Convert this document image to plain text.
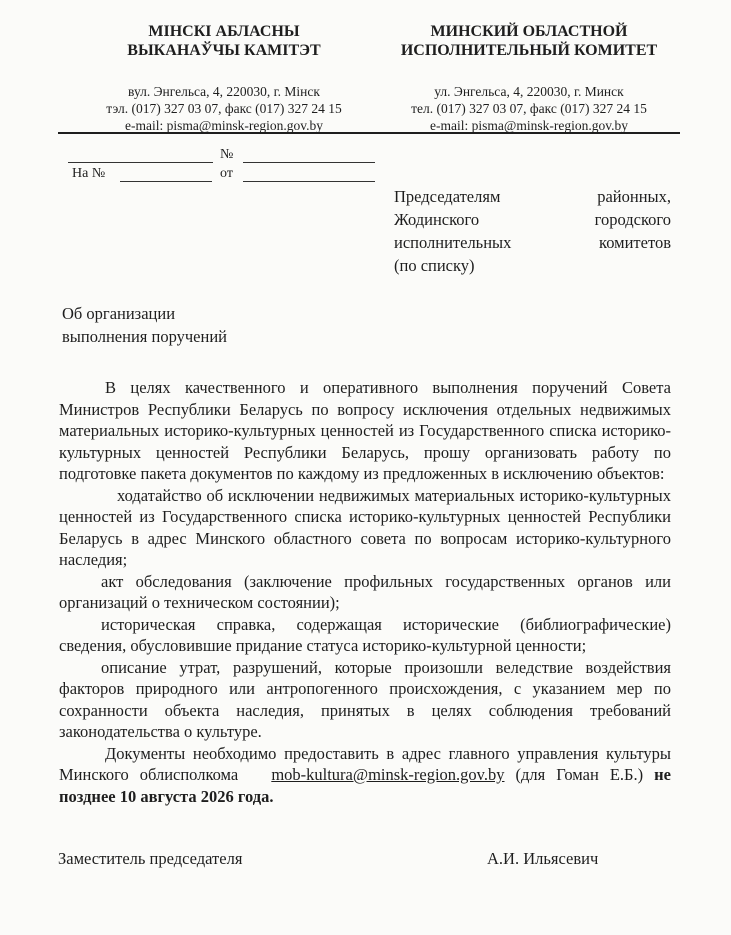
МІНСКІ АБЛАСНЫ
ВЫКАНАЎЧЫ КАМІТЭТ
вул. Энгельса, 4, 220030, г. Мінск
тэл. (017) 327 03 07, факс (017) 327 24 15
e-mail: pisma@minsk-region.gov.by
МИНСКИЙ ОБЛАСТНОЙ
ИСПОЛНИТЕЛЬНЫЙ КОМИТЕТ
ул. Энгельса, 4, 220030, г. Минск
тел. (017) 327 03 07, факс (017) 327 24 15
e-mail: pisma@minsk-region.gov.by
№
На №	от
Председателям	районных,
Жодинского	городского
исполнительных	комитетов
(по списку)
Об организации
выполнения поручений

В целях качественного и оперативного выполнения поручений Совета Министров Республики Беларусь по вопросу исключения отдельных недвижимых материальных историко-культурных ценностей из Государственного списка историко-культурных ценностей Республики Беларусь, прошу организовать работу по подготовке пакета документов по каждому из предложенных в исключению объектов:

ходатайство об исключении недвижимых материальных историко-культурных ценностей из Государственного списка историко-культурных ценностей Республики Беларусь в адрес Минского областного совета по вопросам историко-культурного наследия;

акт обследования (заключение профильных государственных органов или организаций о техническом состоянии);

историческая справка, содержащая исторические (библиографические) сведения, обусловившие придание статуса историко-культурной ценности;

описание утрат, разрушений, которые произошли веледствие воздействия факторов природного или антропогенного происхождения, с указанием мер по сохранности объекта наследия, принятых в целях соблюдения требований законодательства о культуре.

Документы необходимо предоставить в адрес главного управления культуры Минского облисполкома mob-kultura@minsk-region.gov.by (для Гоман Е.Б.) не позднее 10 августа 2026 года.

Заместитель председателя	А.И. Ильясевич
